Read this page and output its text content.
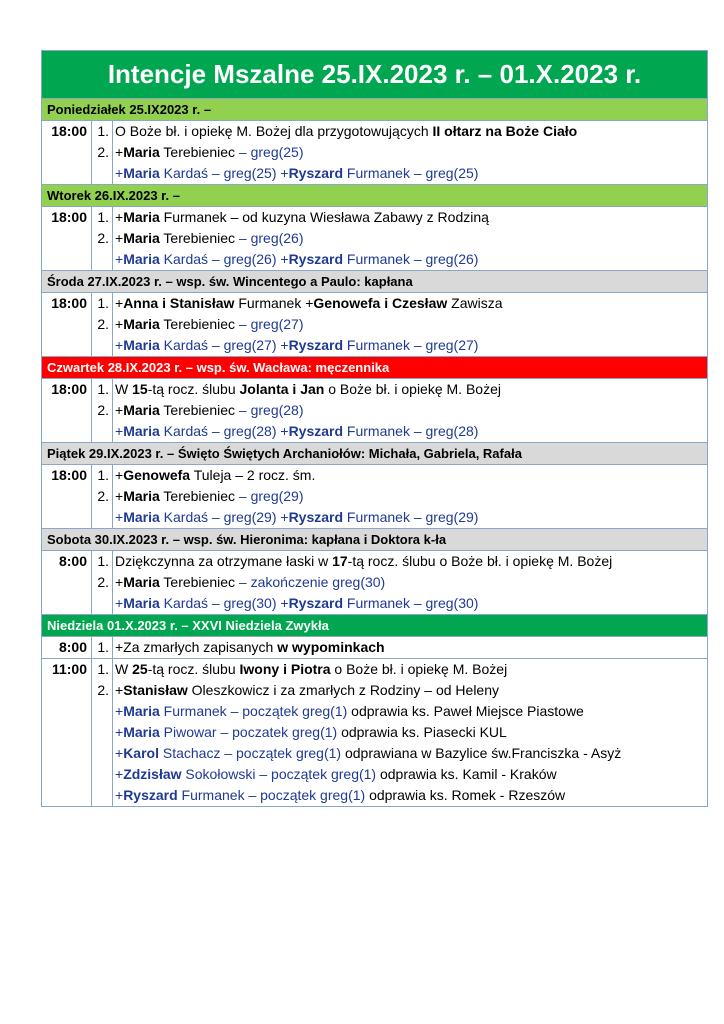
Intencje Mszalne 25.IX.2023 r. – 01.X.2023 r.
Poniedziałek 25.IX2023 r. –
18:00 1. O Boże bł. i opiekę M. Bożej dla przygotowujących II ołtarz na Boże Ciało
2. +Maria Terebieniec – greg(25)
+Maria Kardaś – greg(25) +Ryszard Furmanek – greg(25)
Wtorek 26.IX.2023 r. –
18:00 1. +Maria Furmanek – od kuzyna Wiesława Zabawy z Rodziną
2. +Maria Terebieniec – greg(26)
+Maria Kardaś – greg(26) +Ryszard Furmanek – greg(26)
Środa 27.IX.2023 r. – wsp. św. Wincentego a Paulo: kapłana
18:00 1. +Anna i Stanisław Furmanek +Genowefa i Czesław Zawisza
2. +Maria Terebieniec – greg(27)
+Maria Kardaś – greg(27) +Ryszard Furmanek – greg(27)
Czwartek 28.IX.2023 r. – wsp. św. Wacława: męczennika
18:00 1. W 15-tą rocz. ślubu Jolanta i Jan o Boże bł. i opiekę M. Bożej
2. +Maria Terebieniec – greg(28)
+Maria Kardaś – greg(28) +Ryszard Furmanek – greg(28)
Piątek 29.IX.2023 r. – Święto Świętych Archaniołów: Michała, Gabriela, Rafała
18:00 1. +Genowefa Tuleja – 2 rocz. śm.
2. +Maria Terebieniec – greg(29)
+Maria Kardaś – greg(29) +Ryszard Furmanek – greg(29)
Sobota 30.IX.2023 r. – wsp. św. Hieronima: kapłana i Doktora k-ła
8:00 1. Dziękczynna za otrzymane łaski w 17-tą rocz. ślubu o Boże bł. i opiekę M. Bożej
2. +Maria Terebieniec – zakończenie greg(30)
+Maria Kardaś – greg(30) +Ryszard Furmanek – greg(30)
Niedziela 01.X.2023 r. – XXVI Niedziela Zwykła
8:00 1. +Za zmarłych zapisanych w wypominkach
11:00 1. W 25-tą rocz. ślubu Iwony i Piotra o Boże bł. i opiekę M. Bożej
2. +Stanisław Oleszkowicz i za zmarłych z Rodziny – od Heleny
+Maria Furmanek – początek greg(1) odprawia ks. Paweł Miejsce Piastowe
+Maria Piwowar – poczatek greg(1) odprawia ks. Piasecki KUL
+Karol Stachacz – początek greg(1) odprawiana w Bazylice św.Franciszka - Asyż
+Zdzisław Sokołowski – początek greg(1) odprawia ks. Kamil - Kraków
+Ryszard Furmanek – początek greg(1) odprawia ks. Romek - Rzeszów
